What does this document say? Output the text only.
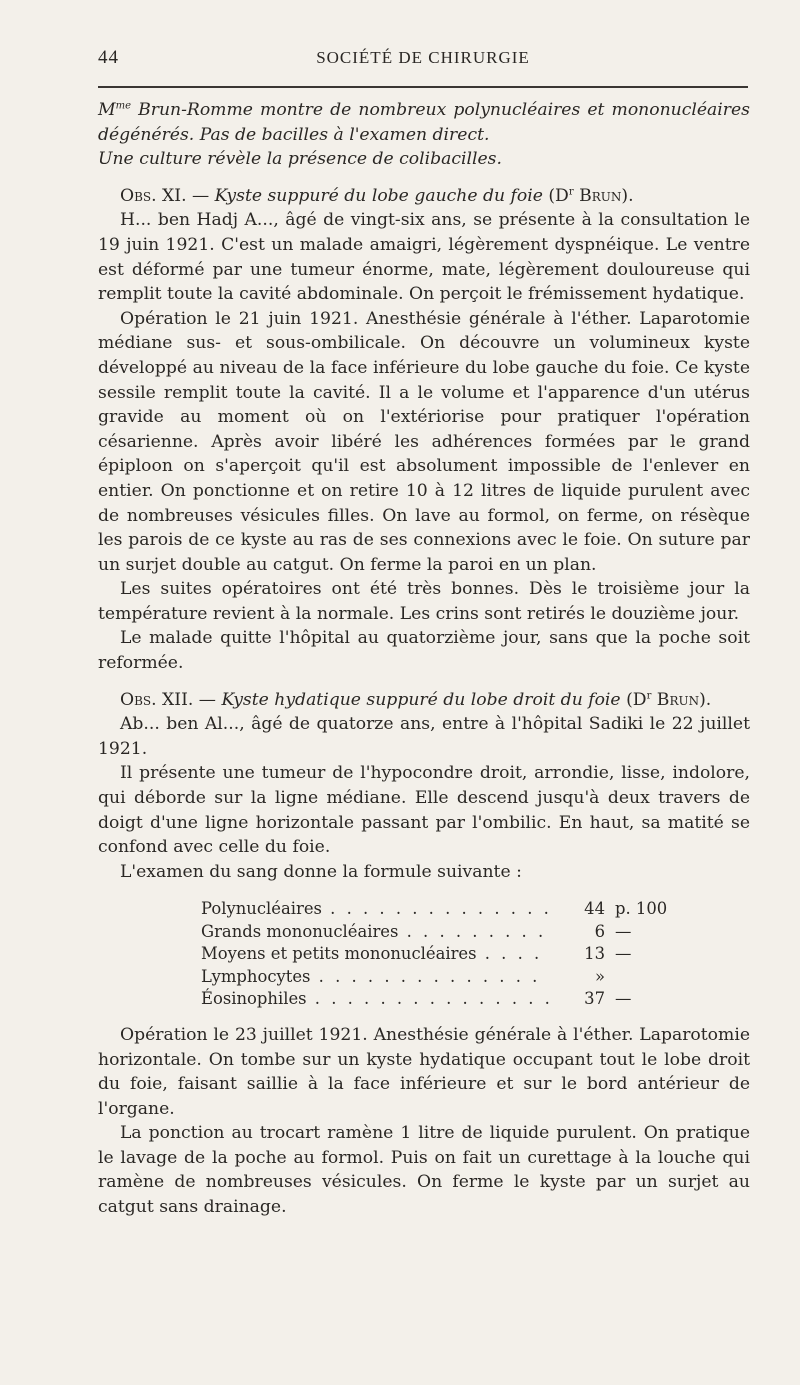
44	SOCIÉTÉ DE CHIRURGIE

$M^{me}$ Brun-Romme montre de nombreux polynucléaires et mononucléaires dégénérés. Pas de bacilles à l'examen direct.

Une culture révèle la présence de colibacilles.

Obs. XI. — Kyste suppuré du lobe gauche du foie ($D^r$ Brun).

H... ben Hadj A..., âgé de vingt-six ans, se présente à la consultation le 19 juin 1921. C'est un malade amaigri, légèrement dyspnéique. Le ventre est déformé par une tumeur énorme, mate, légèrement douloureuse qui remplit toute la cavité abdominale. On perçoit le frémissement hydatique.

Opération le 21 juin 1921. Anesthésie générale à l'éther. Laparotomie médiane sus- et sous-ombilicale. On découvre un volumineux kyste développé au niveau de la face inférieure du lobe gauche du foie. Ce kyste sessile remplit toute la cavité. Il a le volume et l'apparence d'un utérus gravide au moment où on l'extériorise pour pratiquer l'opération césarienne. Après avoir libéré les adhérences formées par le grand épiploon on s'aperçoit qu'il est absolument impossible de l'enlever en entier. On ponctionne et on retire 10 à 12 litres de liquide purulent avec de nombreuses vésicules filles. On lave au formol, on ferme, on résèque les parois de ce kyste au ras de ses connexions avec le foie. On suture par un surjet double au catgut. On ferme la paroi en un plan.

Les suites opératoires ont été très bonnes. Dès le troisième jour la température revient à la normale. Les crins sont retirés le douzième jour.

Le malade quitte l'hôpital au quatorzième jour, sans que la poche soit reformée.

Obs. XII. — Kyste hydatique suppuré du lobe droit du foie ($D^r$ Brun).

Ab... ben Al..., âgé de quatorze ans, entre à l'hôpital Sadiki le 22 juillet 1921.

Il présente une tumeur de l'hypocondre droit, arrondie, lisse, indolore, qui déborde sur la ligne médiane. Elle descend jusqu'à deux travers de doigt d'une ligne horizontale passant par l'ombilic. En haut, sa matité se confond avec celle du foie.

L'examen du sang donne la formule suivante :

Polynucléaires . . . . . . . . . . . . . .	44	p. 100
Grands mononucléaires . . . . . . . . .	6	—
Moyens et petits mononucléaires . . . .	13	—
Lymphocytes . . . . . . . . . . . . . .	»	
Éosinophiles . . . . . . . . . . . . . . .	37	—

Opération le 23 juillet 1921. Anesthésie générale à l'éther. Laparotomie horizontale. On tombe sur un kyste hydatique occupant tout le lobe droit du foie, faisant saillie à la face inférieure et sur le bord antérieur de l'organe.

La ponction au trocart ramène 1 litre de liquide purulent. On pratique le lavage de la poche au formol. Puis on fait un curettage à la louche qui ramène de nombreuses vésicules. On ferme le kyste par un surjet au catgut sans drainage.
